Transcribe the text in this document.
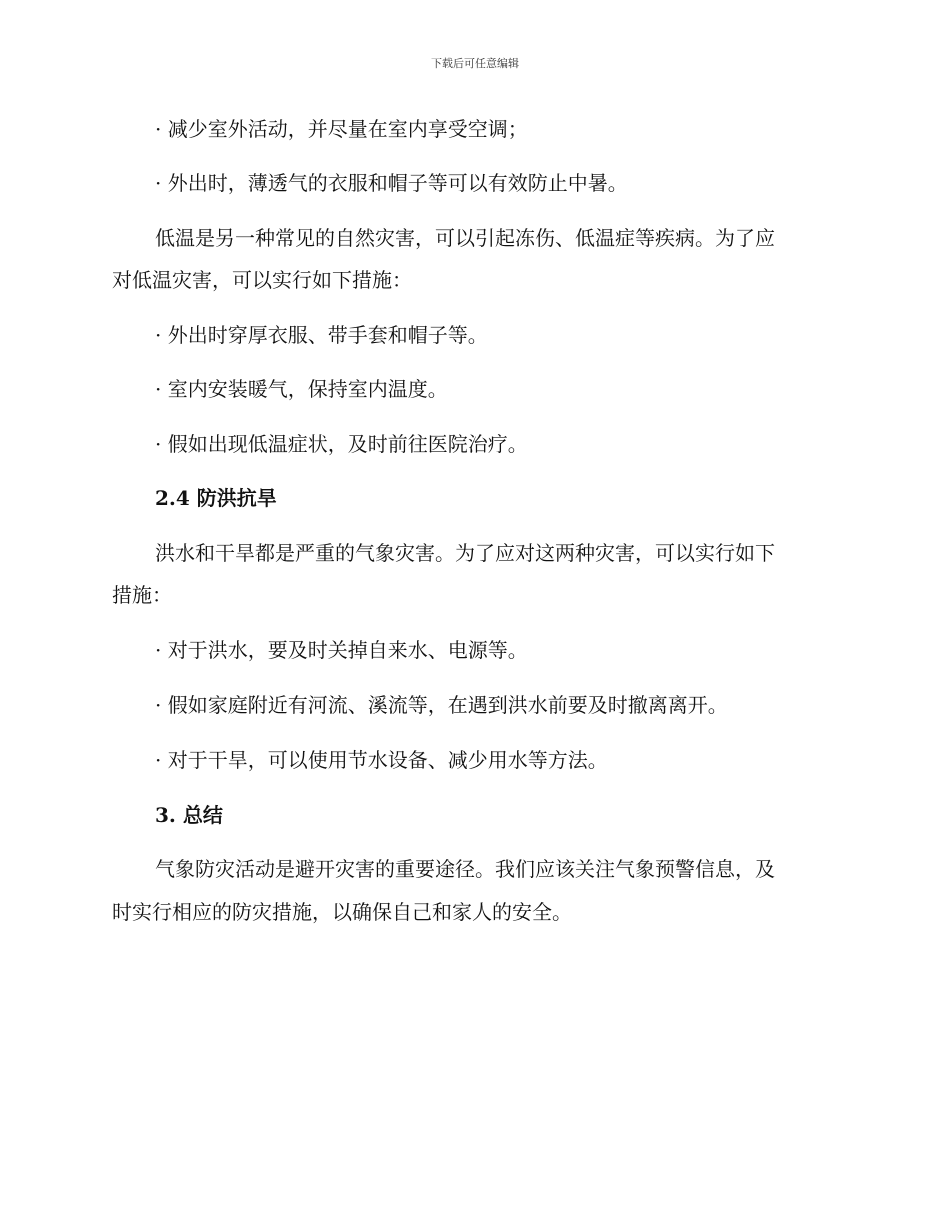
下载后可任意编辑
· 减少室外活动，并尽量在室内享受空调；
· 外出时，薄透气的衣服和帽子等可以有效防止中暑。
低温是另一种常见的自然灾害，可以引起冻伤、低温症等疾病。为了应
对低温灾害，可以实行如下措施：
· 外出时穿厚衣服、带手套和帽子等。
· 室内安装暖气，保持室内温度。
· 假如出现低温症状，及时前往医院治疗。
2.4 防洪抗旱
洪水和干旱都是严重的气象灾害。为了应对这两种灾害，可以实行如下
措施：
· 对于洪水，要及时关掉自来水、电源等。
· 假如家庭附近有河流、溪流等，在遇到洪水前要及时撤离离开。
· 对于干旱，可以使用节水设备、减少用水等方法。
3. 总结
气象防灾活动是避开灾害的重要途径。我们应该关注气象预警信息，及
时实行相应的防灾措施，以确保自己和家人的安全。
